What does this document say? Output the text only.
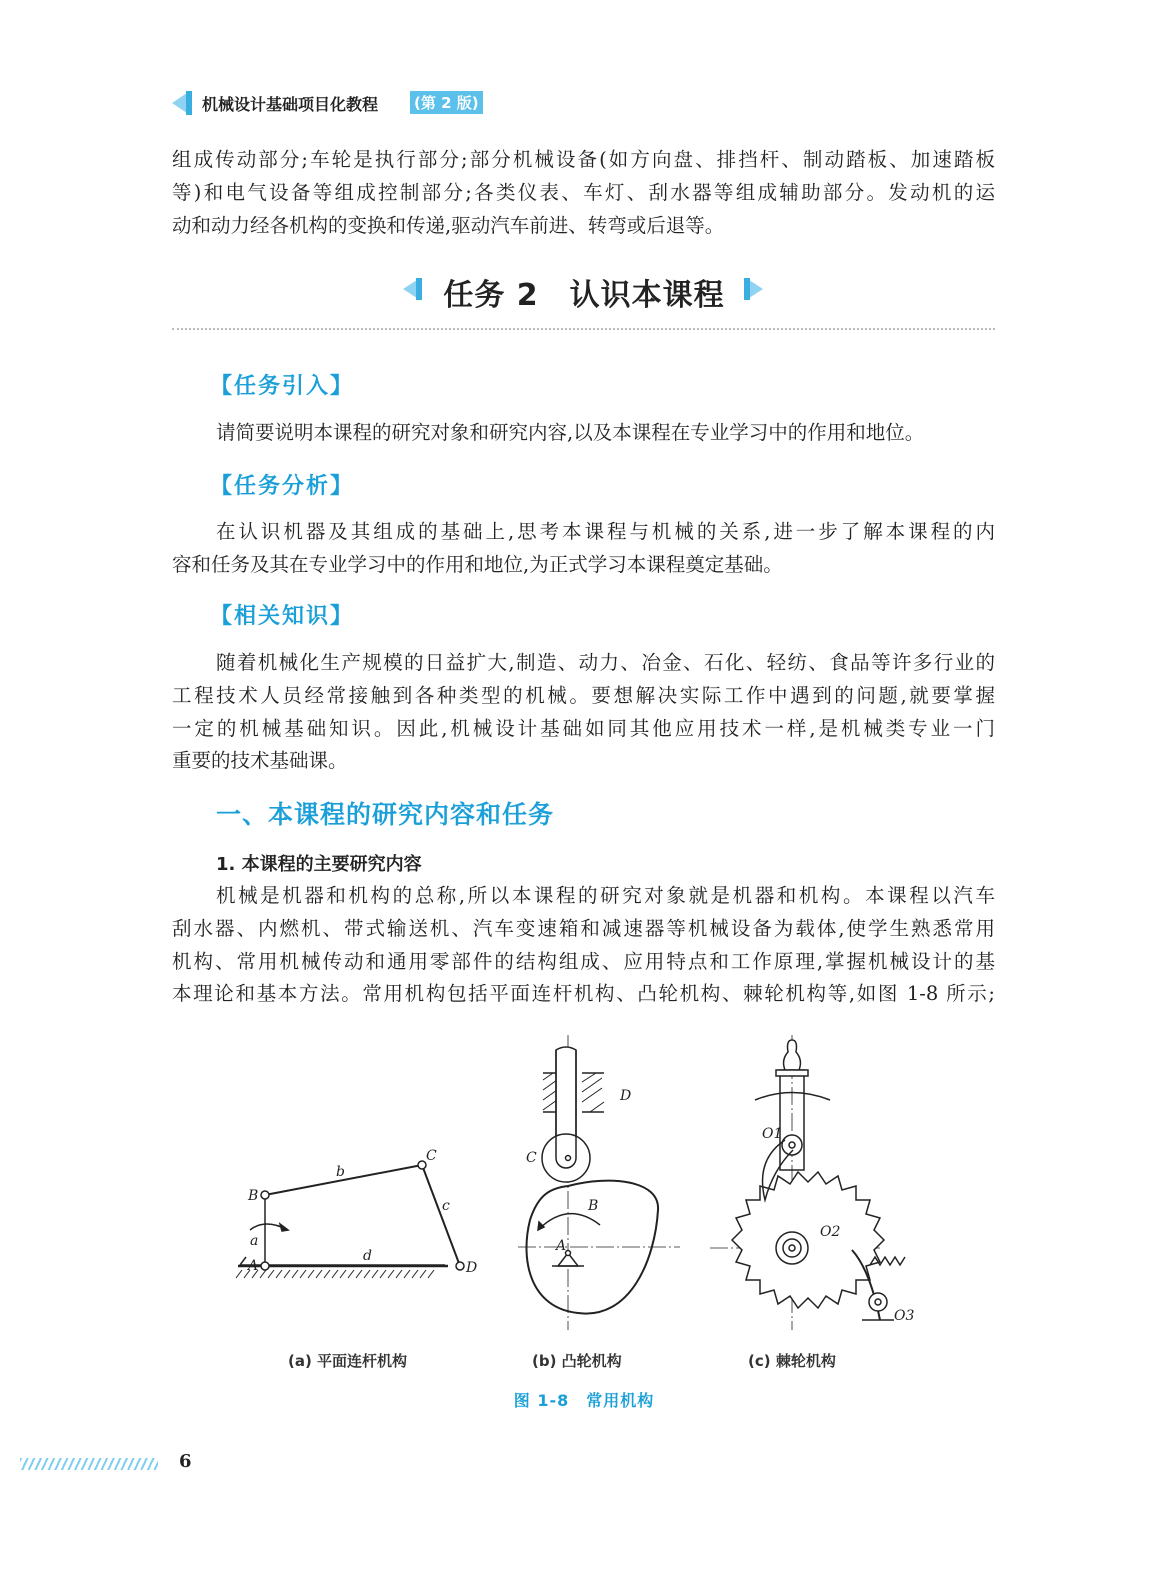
机械设计基础项目化教程 (第 2 版)
组成传动部分;车轮是执行部分;部分机械设备(如方向盘、排挡杆、制动踏板、加速踏板
等)和电气设备等组成控制部分;各类仪表、车灯、刮水器等组成辅助部分。发动机的运
动和动力经各机构的变换和传递,驱动汽车前进、转弯或后退等。
任务 2　认识本课程
【任务引入】
请简要说明本课程的研究对象和研究内容,以及本课程在专业学习中的作用和地位。
【任务分析】
在认识机器及其组成的基础上,思考本课程与机械的关系,进一步了解本课程的内
容和任务及其在专业学习中的作用和地位,为正式学习本课程奠定基础。
【相关知识】
随着机械化生产规模的日益扩大,制造、动力、冶金、石化、轻纺、食品等许多行业的
工程技术人员经常接触到各种类型的机械。要想解决实际工作中遇到的问题,就要掌握
一定的机械基础知识。因此,机械设计基础如同其他应用技术一样,是机械类专业一门
重要的技术基础课。
一、本课程的研究内容和任务
1. 本课程的主要研究内容
机械是机器和机构的总称,所以本课程的研究对象就是机器和机构。本课程以汽车
刮水器、内燃机、带式输送机、汽车变速箱和减速器等机械设备为载体,使学生熟悉常用
机构、常用机械传动和通用零部件的结构组成、应用特点和工作原理,掌握机械设计的基
本理论和基本方法。常用机构包括平面连杆机构、凸轮机构、棘轮机构等,如图 1-8 所示;
A
B
C
D
a
b
c
d
A
B
C
D
O1
O2
O3
(a) 平面连杆机构	(b) 凸轮机构	(c) 棘轮机构
图 1-8　常用机构
6
